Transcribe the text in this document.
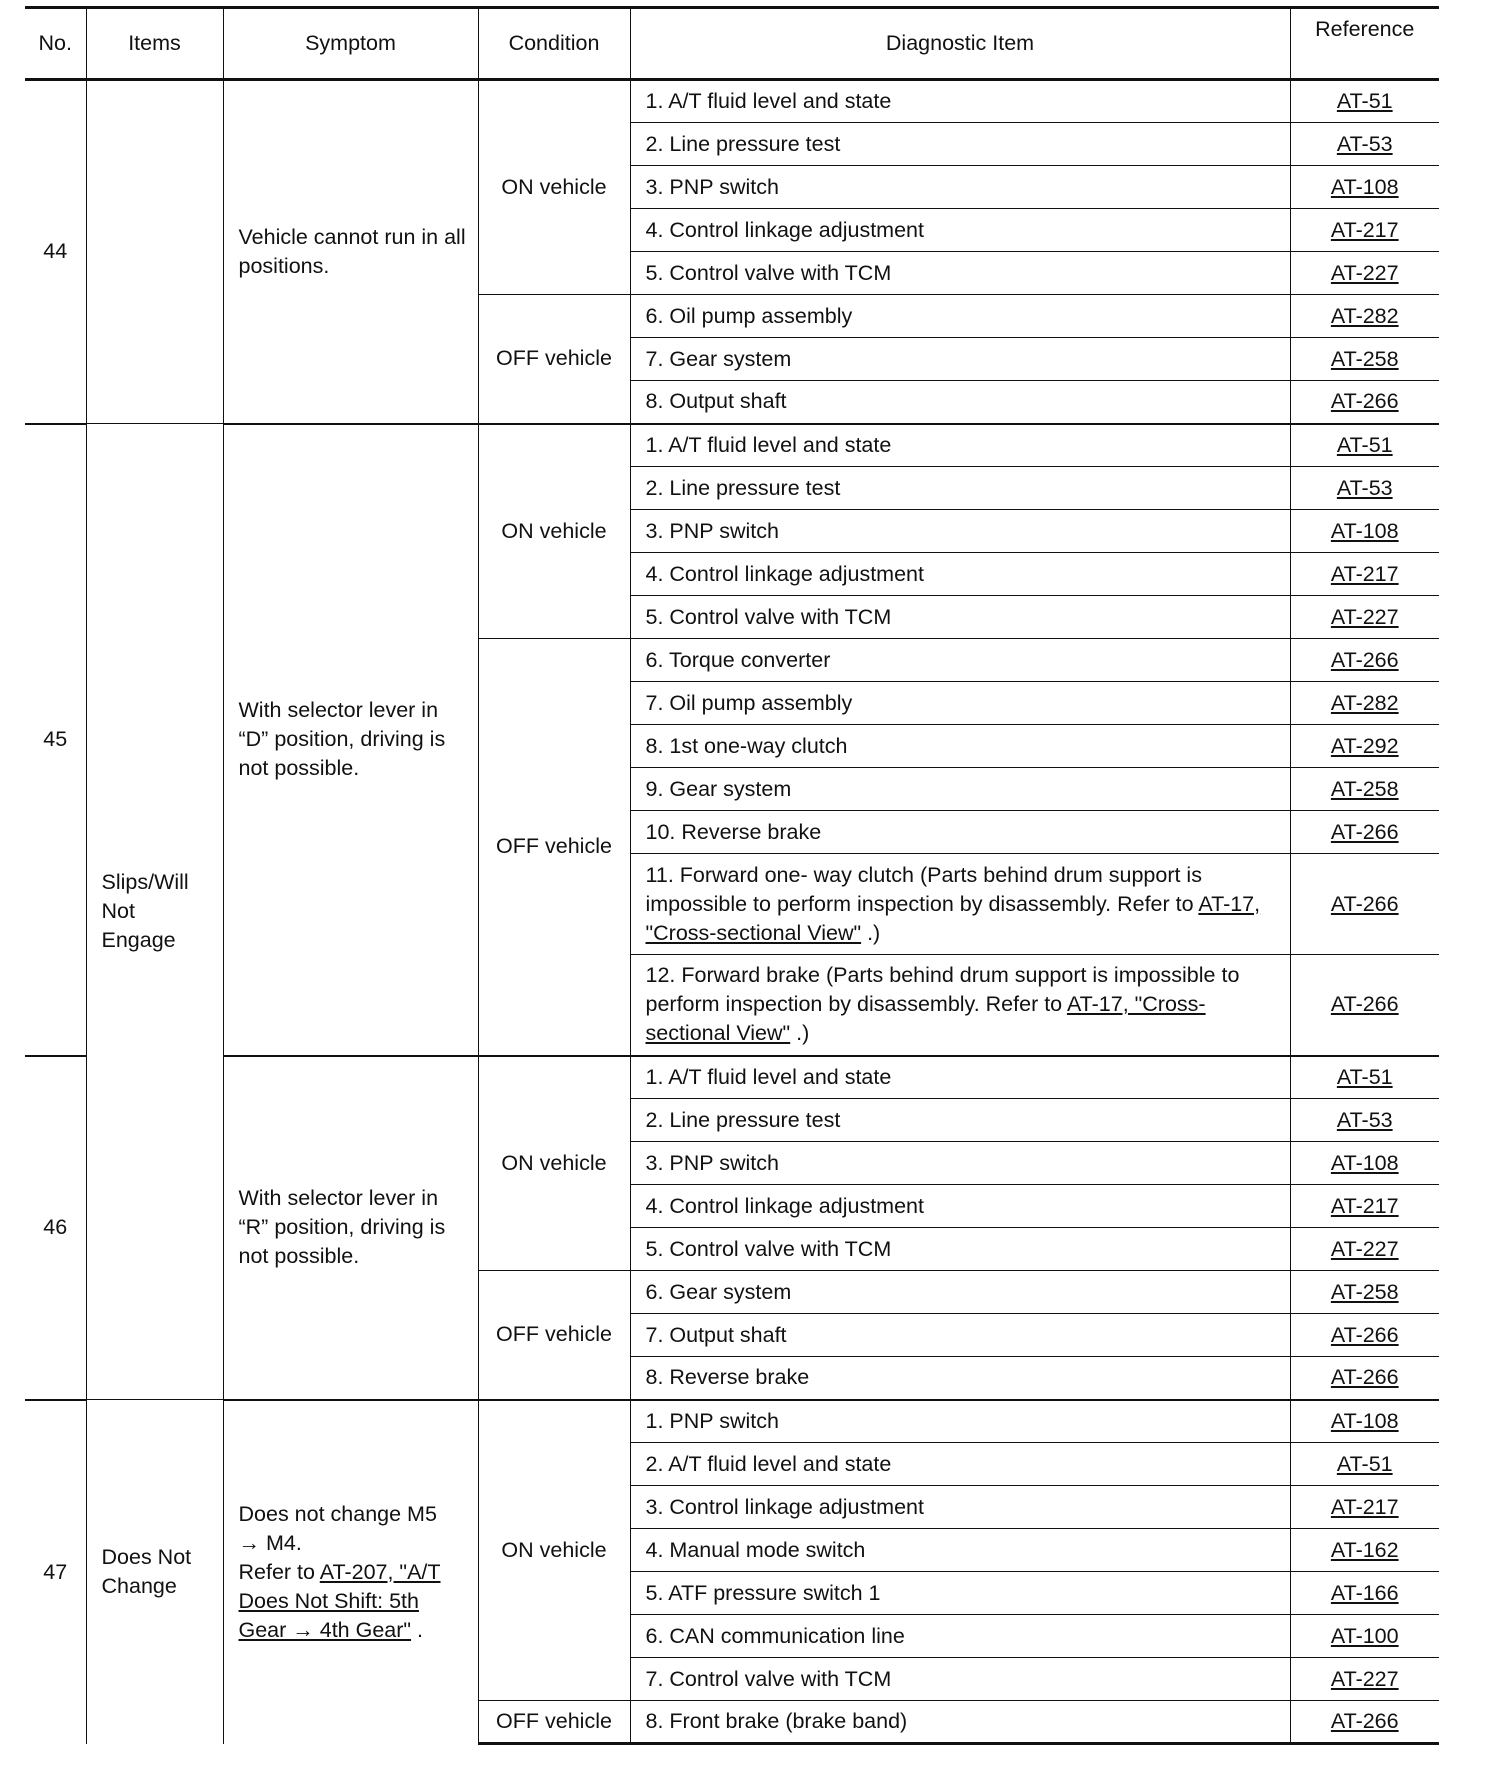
No.	Items	Symptom	Condition	Diagnostic Item	Reference
44		Vehicle cannot run in all positions.	ON vehicle	1. A/T fluid level and state	AT-51
				2. Line pressure test	AT-53
				3. PNP switch	AT-108
				4. Control linkage adjustment	AT-217
				5. Control valve with TCM	AT-227
			OFF vehicle	6. Oil pump assembly	AT-282
				7. Gear system	AT-258
				8. Output shaft	AT-266
45	Slips/Will Not Engage	With selector lever in “D” position, driving is not possible.	ON vehicle	1. A/T fluid level and state	AT-51
				2. Line pressure test	AT-53
				3. PNP switch	AT-108
				4. Control linkage adjustment	AT-217
				5. Control valve with TCM	AT-227
			OFF vehicle	6. Torque converter	AT-266
				7. Oil pump assembly	AT-282
				8. 1st one-way clutch	AT-292
				9. Gear system	AT-258
				10. Reverse brake	AT-266
				11. Forward one- way clutch (Parts behind drum support is impossible to perform inspection by disassembly. Refer to AT-17, "Cross-sectional View" .)	AT-266
				12. Forward brake (Parts behind drum support is impossible to perform inspection by disassembly. Refer to AT-17, "Cross-sectional View" .)	AT-266
46		With selector lever in “R” position, driving is not possible.	ON vehicle	1. A/T fluid level and state	AT-51
				2. Line pressure test	AT-53
				3. PNP switch	AT-108
				4. Control linkage adjustment	AT-217
				5. Control valve with TCM	AT-227
			OFF vehicle	6. Gear system	AT-258
				7. Output shaft	AT-266
				8. Reverse brake	AT-266
47	Does Not Change	Does not change M5
→ M4.
Refer to AT-207, "A/T Does Not Shift: 5th Gear → 4th Gear" .	ON vehicle	1. PNP switch	AT-108
				2. A/T fluid level and state	AT-51
				3. Control linkage adjustment	AT-217
				4. Manual mode switch	AT-162
				5. ATF pressure switch 1	AT-166
				6. CAN communication line	AT-100
				7. Control valve with TCM	AT-227
			OFF vehicle	8. Front brake (brake band)	AT-266
